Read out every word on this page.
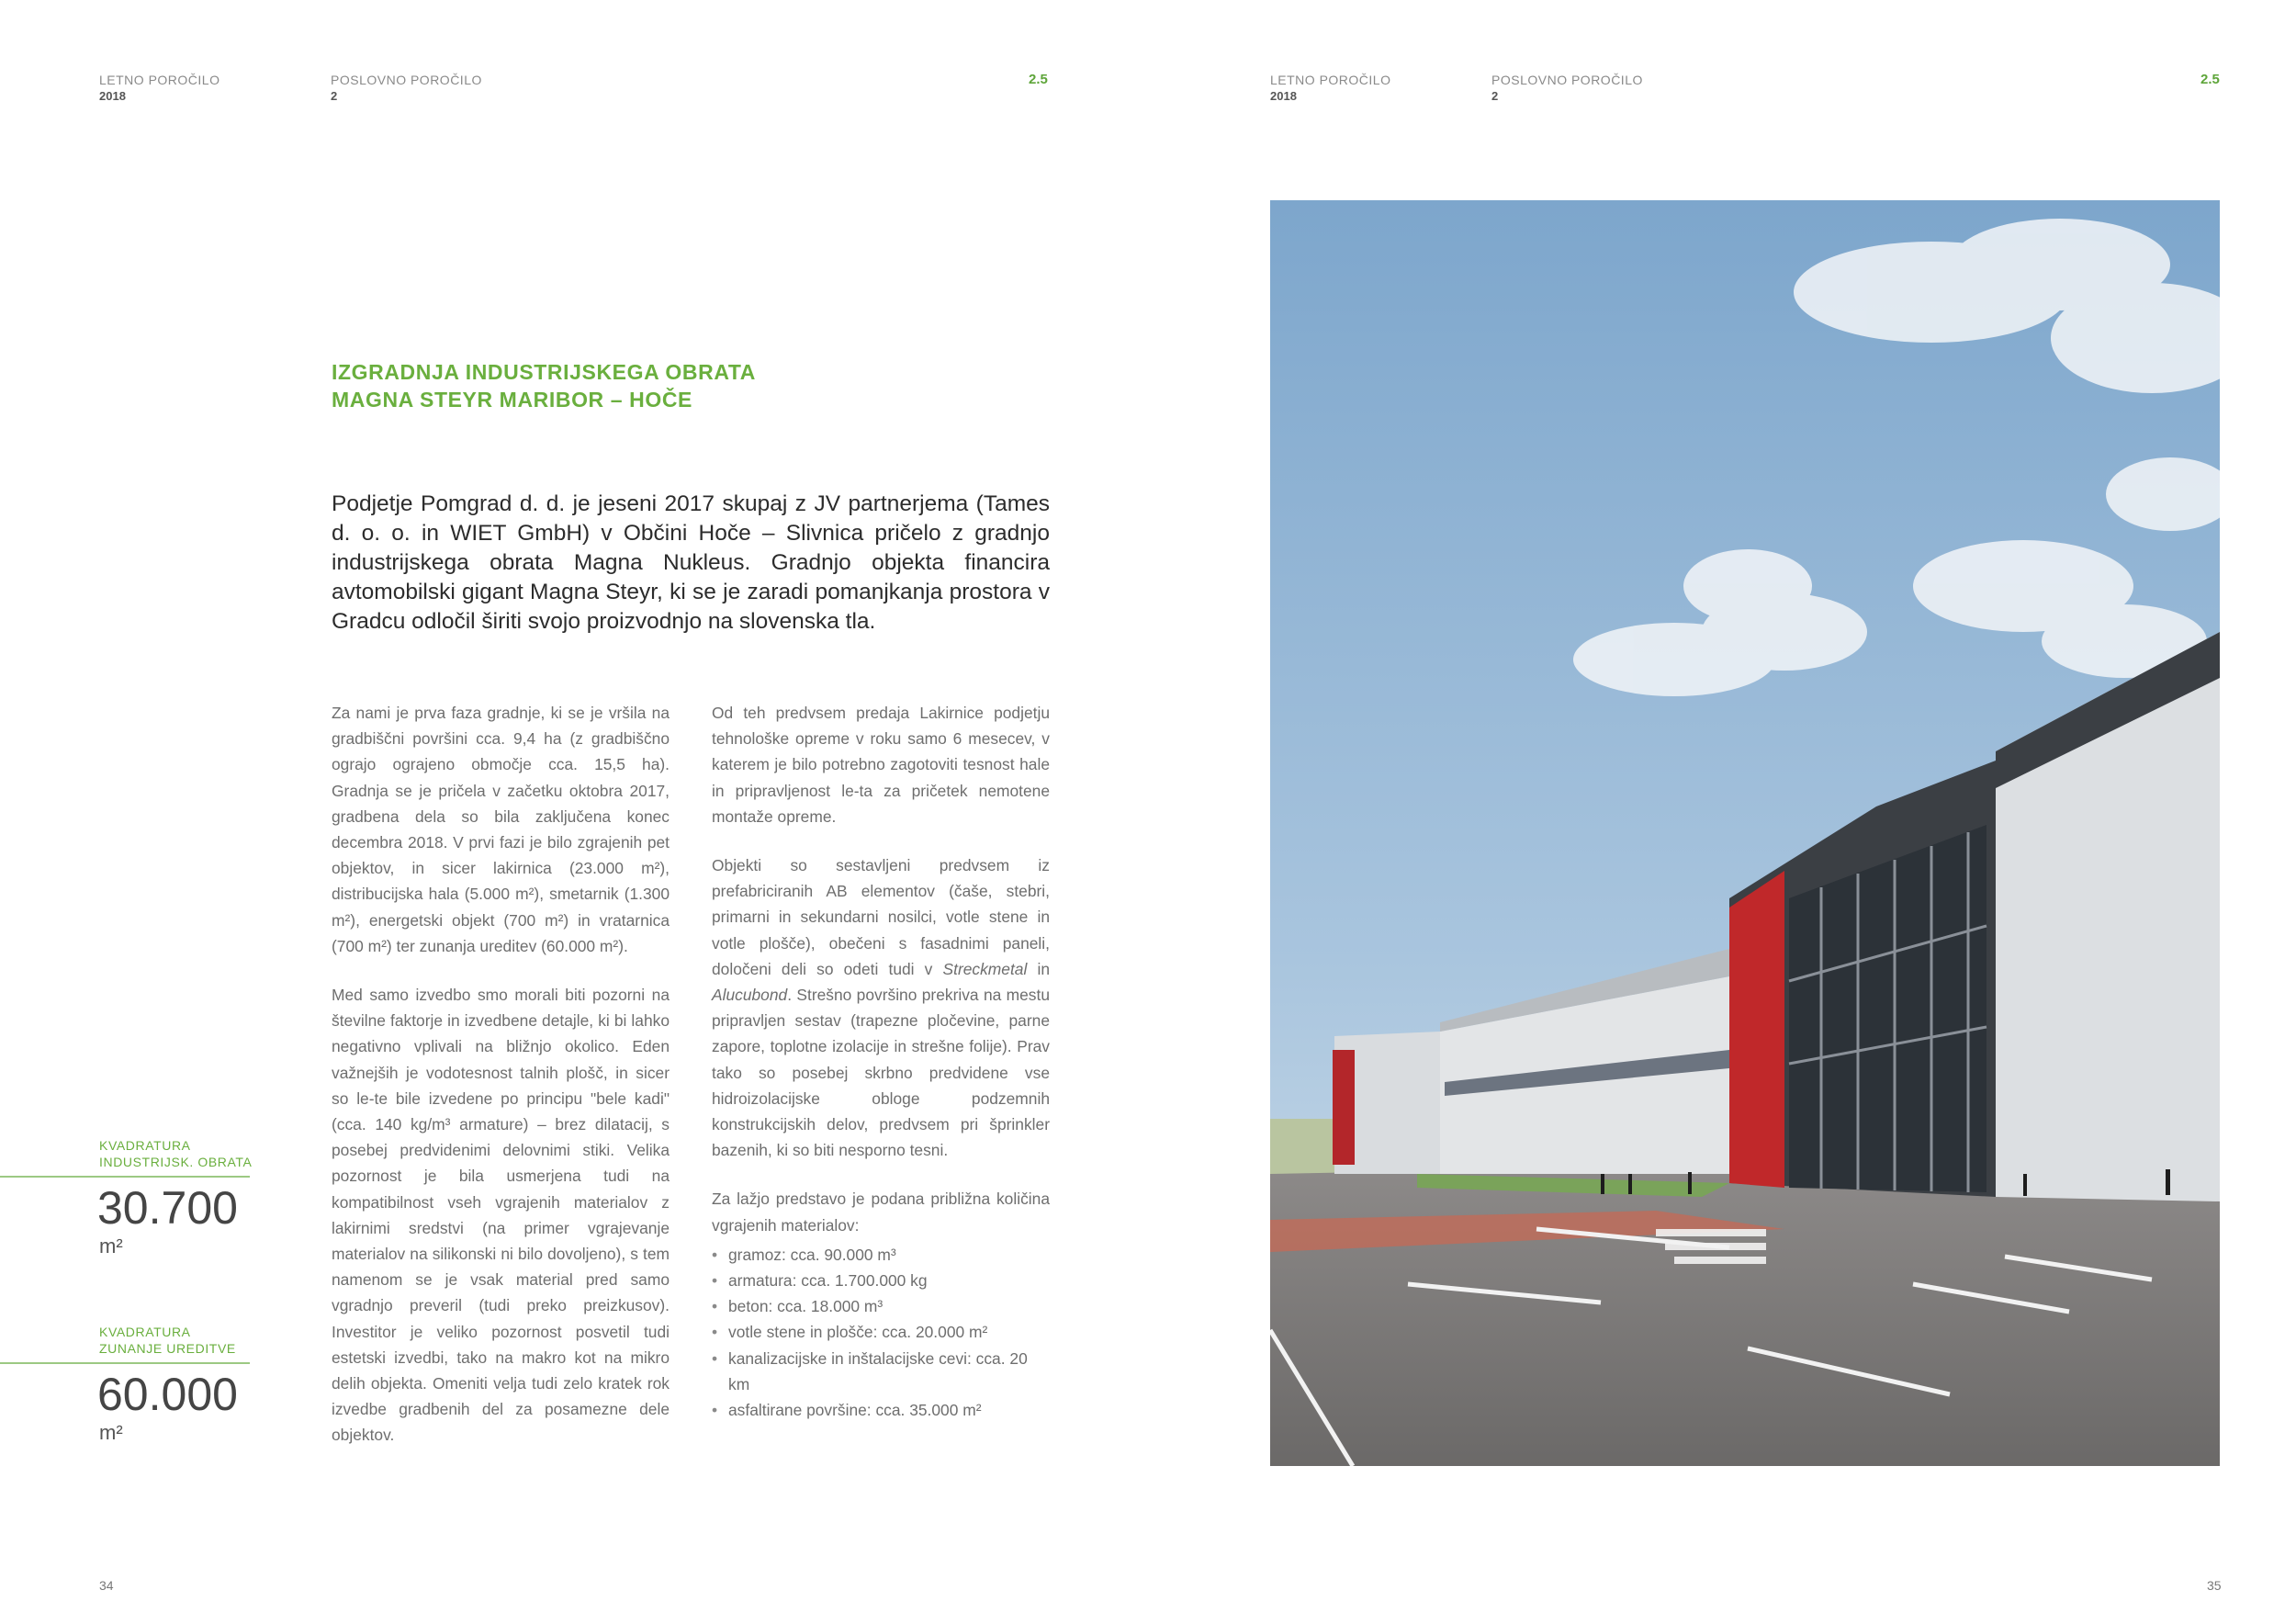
LETNO POROČILO
2018
POSLOVNO POROČILO
2
2.5	LETNO POROČILO
2018
POSLOVNO POROČILO
2
2.5
IZGRADNJA INDUSTRIJSKEGA OBRATA
MAGNA STEYR MARIBOR – HOČE
Podjetje Pomgrad d. d. je jeseni 2017 skupaj z JV partnerjema (Tames d. o. o. in WIET GmbH) v Občini Hoče – Slivnica pričelo z gradnjo industrijskega obrata Magna Nukleus. Gradnjo objekta financira avtomobilski gigant Magna Steyr, ki se je zaradi pomanjkanja prostora v Gradcu odločil širiti svojo proizvodnjo na slovenska tla.

Za nami je prva faza gradnje, ki se je vršila na gradbiščni površini cca. 9,4 ha (z gradbiščno ograjo ograjeno območje cca. 15,5 ha). Gradnja se je pričela v začetku oktobra 2017, gradbena dela so bila zaključena konec decembra 2018. V prvi fazi je bilo zgrajenih pet objektov, in sicer lakirnica (23.000 m²), distribucijska hala (5.000 m²), smetarnik (1.300 m²), energetski objekt (700 m²) in vratarnica (700 m²) ter zunanja ureditev (60.000 m²).

Med samo izvedbo smo morali biti pozorni na številne faktorje in izvedbene detajle, ki bi lahko negativno vplivali na bližnjo okolico. Eden važnejših je vodotesnost talnih plošč, in sicer so le-te bile izvedene po principu "bele kadi" (cca. 140 kg/m³ armature) – brez dilatacij, s posebej predvidenimi delovnimi stiki. Velika pozornost je bila usmerjena tudi na kompatibilnost vseh vgrajenih materialov z lakirnimi sredstvi (na primer vgrajevanje materialov na silikonski ni bilo dovoljeno), s tem namenom se je vsak material pred samo vgradnjo preveril (tudi preko preizkusov). Investitor je veliko pozornost posvetil tudi estetski izvedbi, tako na makro kot na mikro delih objekta. Omeniti velja tudi zelo kratek rok izvedbe gradbenih del za posamezne dele objektov.

Od teh predvsem predaja Lakirnice podjetju tehnološke opreme v roku samo 6 mesecev, v katerem je bilo potrebno zagotoviti tesnost hale in pripravljenost le-ta za pričetek nemotene montaže opreme.

Objekti so sestavljeni predvsem iz prefabriciranih AB elementov (čaše, stebri, primarni in sekundarni nosilci, votle stene in votle plošče), obečeni s fasadnimi paneli, določeni deli so odeti tudi v Streckmetal in Alucubond. Strešno površino prekriva na mestu pripravljen sestav (trapezne pločevine, parne zapore, toplotne izolacije in strešne folije). Prav tako so posebej skrbno predvidene vse hidroizolacijske obloge podzemnih konstrukcijskih delov, predvsem pri šprinkler bazenih, ki so biti nesporno tesni.

Za lažjo predstavo je podana približna količina vgrajenih materialov:

• gramoz: cca. 90.000 m³
• armatura: cca. 1.700.000 kg
• beton: cca. 18.000 m³
• votle stene in plošče: cca. 20.000 m²
• kanalizacijske in inštalacijske cevi: cca. 20 km
• asfaltirane površine: cca. 35.000 m²
KVADRATURA
INDUSTRIJSK. OBRATA
30.700
m²
KVADRATURA
ZUNANJE UREDITVE
60.000
m²
34	35
